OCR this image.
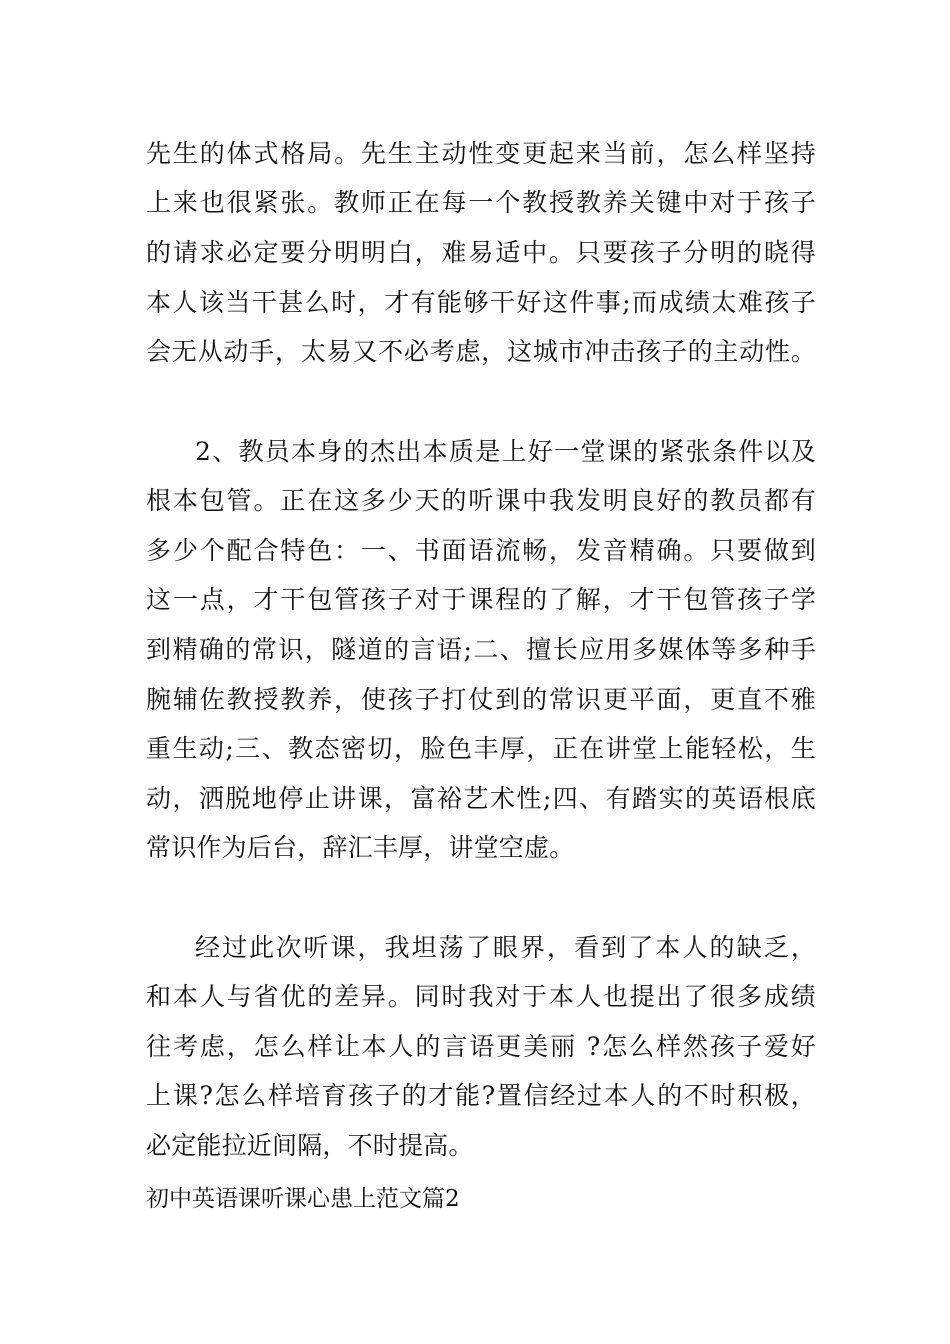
先生的体式格局。先生主动性变更起来当前，怎么样坚持
上来也很紧张。教师正在每一个教授教养关键中对于孩子
的请求必定要分明明白，难易适中。只要孩子分明的晓得
本人该当干甚么时，才有能够干好这件事;而成绩太难孩子
会无从动手，太易又不必考虑，这城市冲击孩子的主动性。
2、教员本身的杰出本质是上好一堂课的紧张条件以及
根本包管。正在这多少天的听课中我发明良好的教员都有
多少个配合特色：一、书面语流畅，发音精确。只要做到
这一点，才干包管孩子对于课程的了解，才干包管孩子学
到精确的常识，隧道的言语;二、擅长应用多媒体等多种手
腕辅佐教授教养，使孩子打仗到的常识更平面，更直不雅
重生动;三、教态密切，脸色丰厚，正在讲堂上能轻松，生
动，洒脱地停止讲课，富裕艺术性;四、有踏实的英语根底
常识作为后台，辞汇丰厚，讲堂空虚。
经过此次听课，我坦荡了眼界，看到了本人的缺乏，
和本人与省优的差异。同时我对于本人也提出了很多成绩
往考虑，怎么样让本人的言语更美丽 ?怎么样然孩子爱好
上课?怎么样培育孩子的才能?置信经过本人的不时积极，
必定能拉近间隔，不时提高。
初中英语课听课心患上范文篇2
